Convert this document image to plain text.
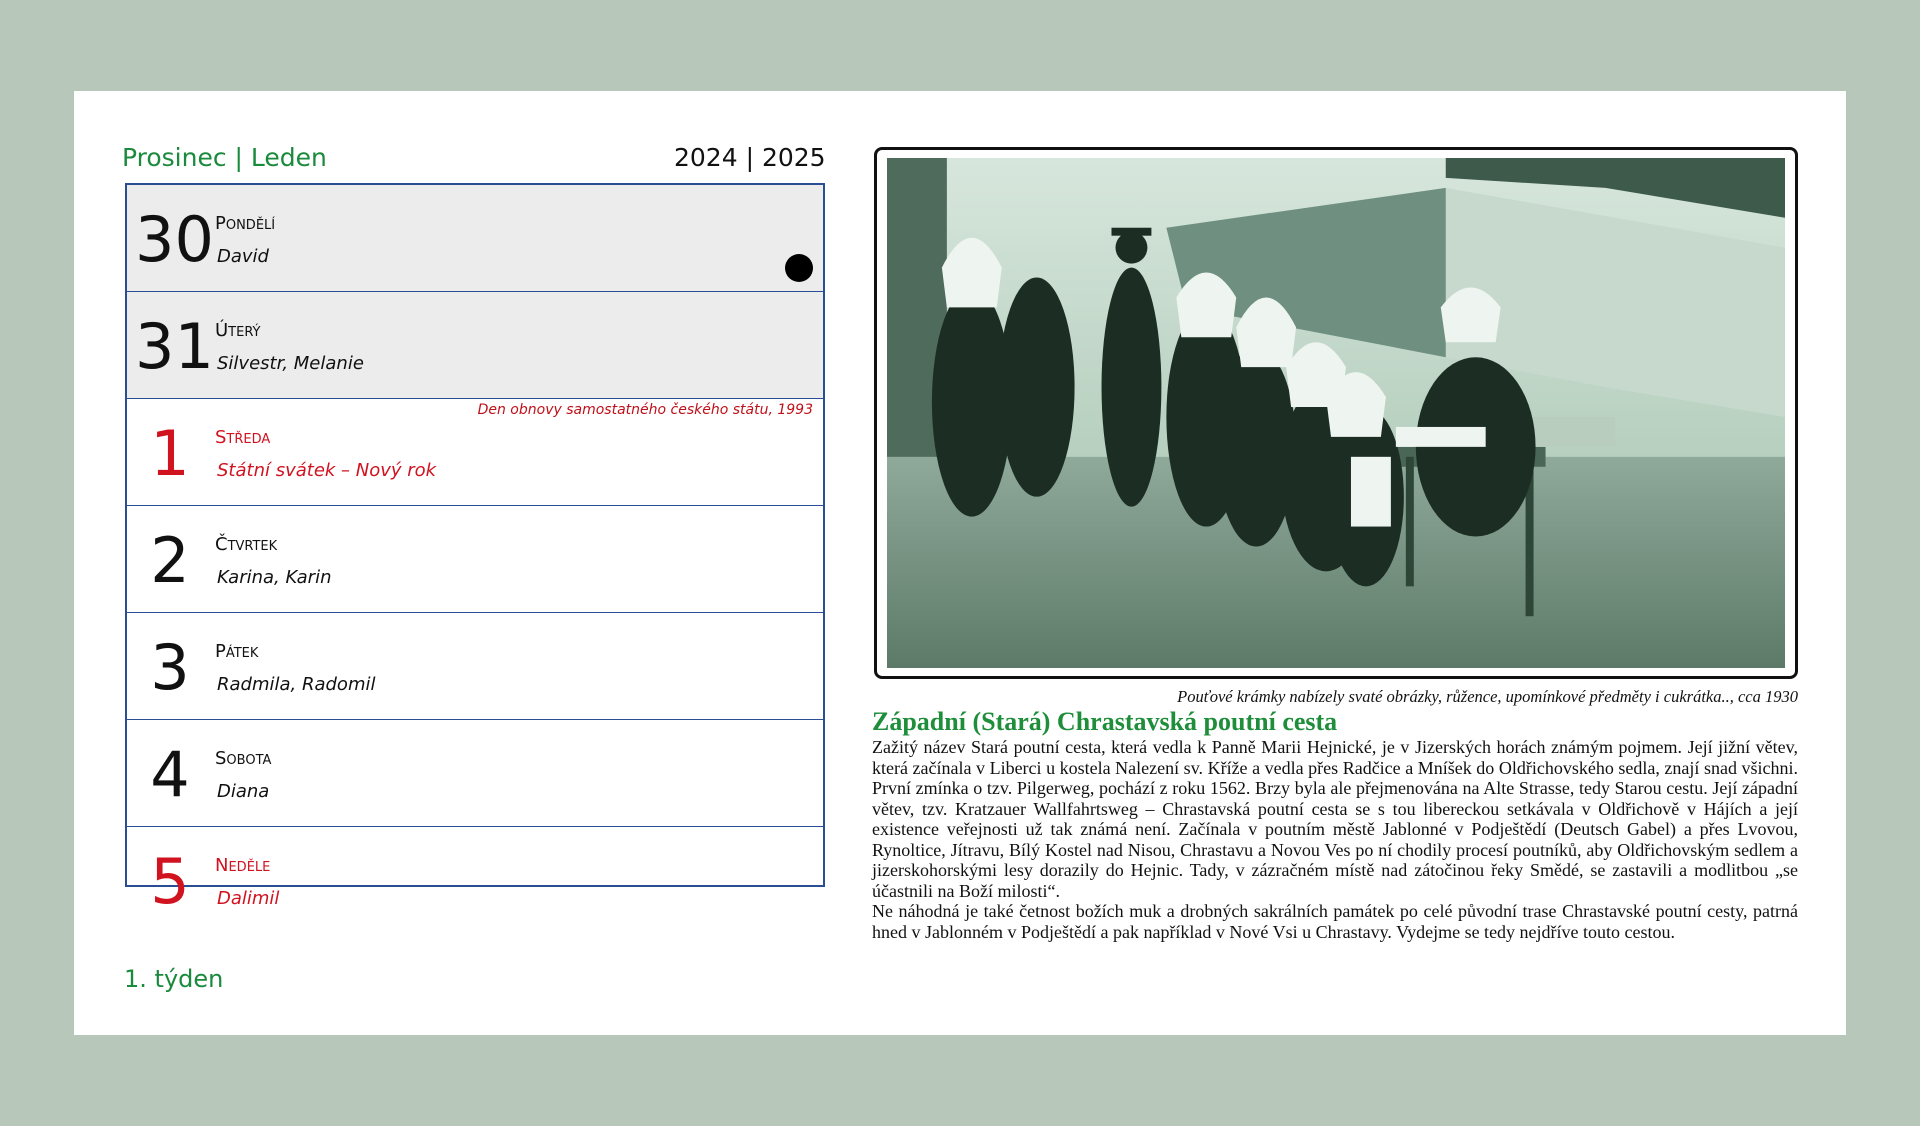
Prosinec | Leden	2024 | 2025
30 Pondělí
David
31 Úterý
Silvestr, Melanie
Den obnovy samostatného českého státu, 1993
1	Středa
Státní svátek – Nový rok
2	Čtvrtek
Karina, Karin
3	Pátek
Radmila, Radomil
4	Sobota
Diana
5	Neděle
Dalimil
1. týden
Pouťové krámky nabízely svaté obrázky, růžence, upomínkové předměty i cukrátka.., cca 1930
Západní (Stará) Chrastavská poutní cesta

Zažitý název Stará poutní cesta, která vedla k Panně Marii Hejnické, je v Jizerských horách známým pojmem. Její jižní větev, která začínala v Liberci u kostela Nalezení sv. Kříže a vedla přes Radčice a Mníšek do Oldřichovského sedla, znají snad všichni. První zmínka o tzv. Pilgerweg, pochází z roku 1562. Brzy byla ale přejmenována na Alte Strasse, tedy Starou cestu. Její západní větev, tzv. Kratzauer Wallfahrtsweg – Chrastavská poutní cesta se s tou libereckou setkávala v Oldřichově v Hájích a její existence veřejnosti už tak známá není. Začínala v poutním městě Jablonné v Podještědí (Deutsch Gabel) a přes Lvovou, Rynoltice, Jítravu, Bílý Kostel nad Nisou, Chrastavu a Novou Ves po ní chodily procesí poutníků, aby Oldřichovským sedlem a jizerskohorskými lesy dorazily do Hejnic. Tady, v zázračném místě nad zátočinou řeky Smědé, se zastavili a modlitbou „se účastnili na Boží milosti“.

Ne náhodná je také četnost božích muk a drobných sakrálních památek po celé původní trase Chrastavské poutní cesty, patrná hned v Jablonném v Podještědí a pak například v Nové Vsi u Chrastavy. Vydejme se tedy nejdříve touto cestou.
